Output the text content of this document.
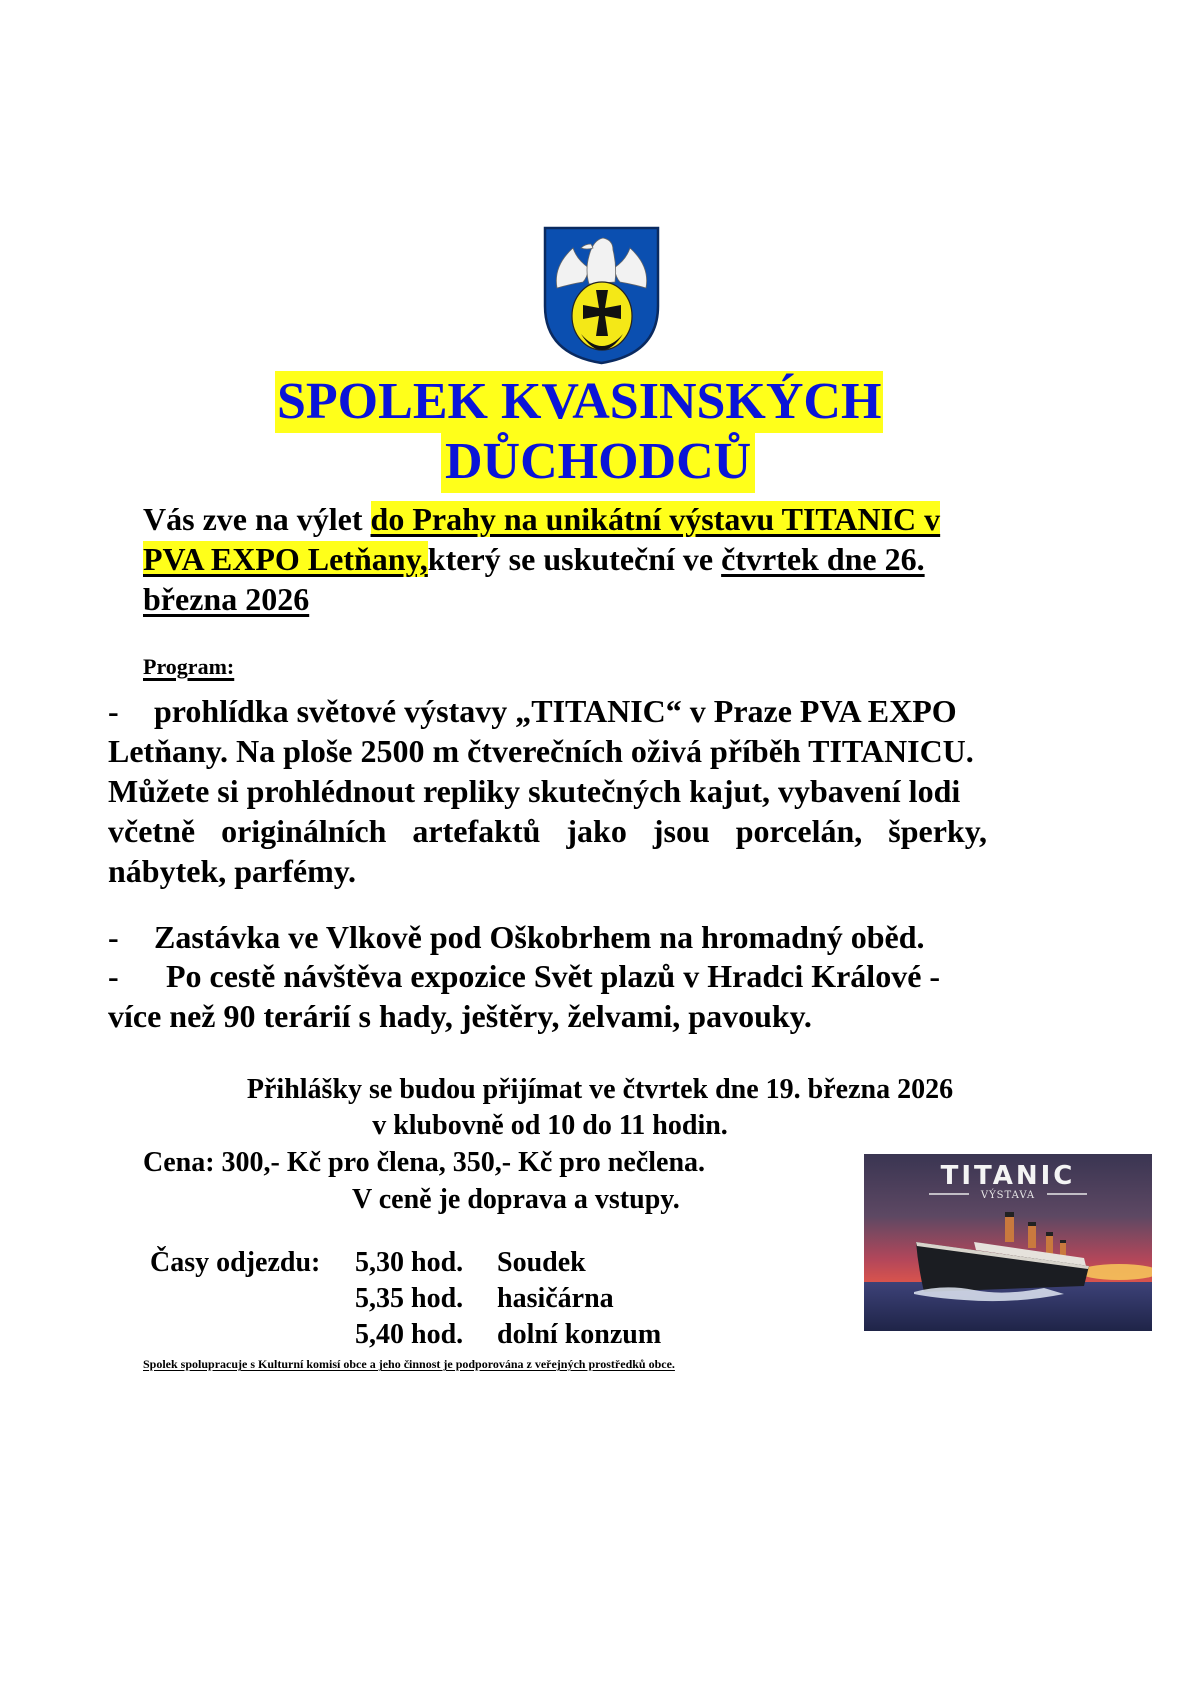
SPOLEK KVASINSKÝCH
DŮCHODCŮ
Vás zve na výlet do Prahy na unikátní výstavu TITANIC v
PVA EXPO Letňany,který se uskuteční ve čtvrtek dne 26.
března 2026
Program:
- prohlídka světové výstavy „TITANIC“ v Praze PVA EXPO
Letňany. Na ploše 2500 m čtverečních oživá příběh TITANICU.
Můžete si prohlédnout repliky skutečných kajut, vybavení lodi
včetně originálních artefaktů jako jsou porcelán, šperky,
nábytek, parfémy.
- Zastávka ve Vlkově pod Oškobrhem na hromadný oběd.
- Po cestě návštěva expozice Svět plazů v Hradci Králové -
více než 90 terárií s hady, ještěry, želvami, pavouky.
Přihlášky se budou přijímat ve čtvrtek dne 19. března 2026
v klubovně od 10 do 11 hodin.
Cena: 300,- Kč pro člena, 350,- Kč pro nečlena.
V ceně je doprava a vstupy.
Časy odjezdu: 5,30 hod. Soudek
5,35 hod. hasičárna
5,40 hod. dolní konzum
Spolek spolupracuje s Kulturní komisí obce a jeho činnost je podporována z veřejných prostředků obce.
TITANIC
VÝSTAVA
